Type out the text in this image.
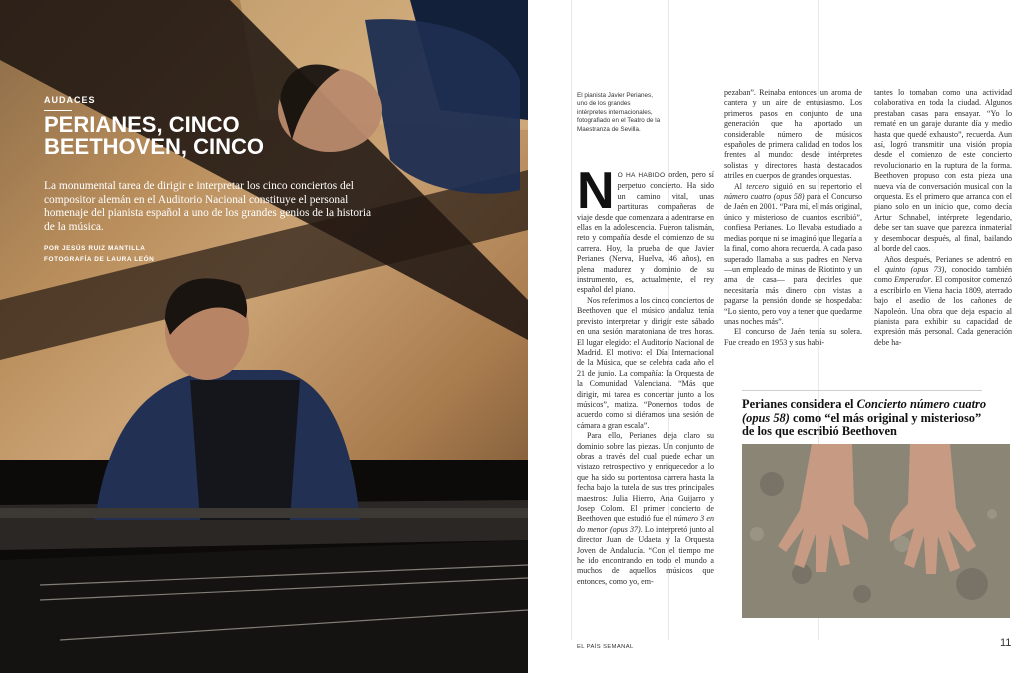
AUDACES
PERIANES, CINCO
BEETHOVEN, CINCO

La monumental tarea de dirigir e interpretar los cinco conciertos del compositor alemán en el Auditorio Nacional constituye el personal homenaje del pianista español a uno de los grandes genios de la historia de la música.

POR JESÚS RUIZ MANTILLA
FOTOGRAFÍA DE LAURA LEÓN

El pianista Javier Perianes, uno de los grandes intérpretes internacionales, fotografiado en el Teatro de la Maestranza de Sevilla.

N O HA HABIDO orden, pero sí perpetuo concierto. Ha sido un camino vital, unas partituras compañeras de viaje desde que comenzara a adentrarse en ellas en la adolescencia. Fueron talismán, reto y compañía desde el comienzo de su carrera. Hoy, la prueba de que Javier Perianes (Nerva, Huelva, 46 años), en plena madurez y dominio de su instrumento, es, actualmente, el rey español del piano.

Nos referimos a los cinco conciertos de Beethoven que el músico andaluz tenía previsto interpretar y dirigir este sábado en una sesión maratoniana de tres horas. El lugar elegido: el Auditorio Nacional de Madrid. El motivo: el Día Internacional de la Música, que se celebra cada año el 21 de junio. La compañía: la Orquesta de la Comunidad Valenciana. “Más que dirigir, mi tarea es concertar junto a los músicos”, matiza. “Ponernos todos de acuerdo como si diéramos una sesión de cámara a gran escala”.

Para ello, Perianes deja claro su dominio sobre las piezas. Un conjunto de obras a través del cual puede echar un vistazo retrospectivo y enriquecedor a lo que ha sido su portentosa carrera hasta la fecha bajo la tutela de sus tres principales maestros: Julia Hierro, Ana Guijarro y Josep Colom. El primer concierto de Beethoven que estudió fue el número 3 en do menor (opus 37). Lo interpretó junto al director Juan de Udaeta y la Orquesta Joven de Andalucía. “Con el tiempo me he ido encontrando en todo el mundo a muchos de aquellos músicos que entonces, como yo, em-

pezaban”. Reinaba entonces un aroma de cantera y un aire de entusiasmo. Los primeros pasos en conjunto de una generación que ha aportado un considerable número de músicos españoles de primera calidad en todos los frentes al mundo: desde intérpretes solistas y directores hasta destacados atriles en cuerpos de grandes orquestas.

Al tercero siguió en su repertorio el número cuatro (opus 58) para el Concurso de Jaén en 2001. “Para mí, el más original, único y misterioso de cuantos escribió”, confiesa Perianes. Lo llevaba estudiado a medias porque ni se imaginó que llegaría a la final, como ahora recuerda. A cada paso superado llamaba a sus padres en Nerva —un empleado de minas de Riotinto y un ama de casa— para decirles que necesitaría más dinero con vistas a pagarse la pensión donde se hospedaba: “Lo siento, pero voy a tener que quedarme unas noches más”.

El concurso de Jaén tenía su solera. Fue creado en 1953 y sus habi-

tantes lo tomaban como una actividad colaborativa en toda la ciudad. Algunos prestaban casas para ensayar. “Yo lo rematé en un garaje durante día y medio hasta que quedé exhausto”, recuerda. Aun así, logró transmitir una visión propia desde el comienzo de este concierto revolucionario en la ruptura de la forma. Beethoven propuso con esta pieza una nueva vía de conversación musical con la orquesta. Es el primero que arranca con el piano solo en un inicio que, como decía Artur Schnabel, intérprete legendario, debe ser tan suave que parezca inmaterial y desembocar después, al final, bailando al borde del caos.

Años después, Perianes se adentró en el quinto (opus 73), conocido también como Emperador. El compositor comenzó a escribirlo en Viena hacia 1809, aterrado bajo el asedio de los cañones de Napoleón. Una obra que deja espacio al pianista para exhibir su capacidad de expresión más personal. Cada generación debe ha-

Perianes considera el Concierto número cuatro (opus 58) como “el más original y misterioso” de los que escribió Beethoven

EL PAÍS SEMANAL	11
